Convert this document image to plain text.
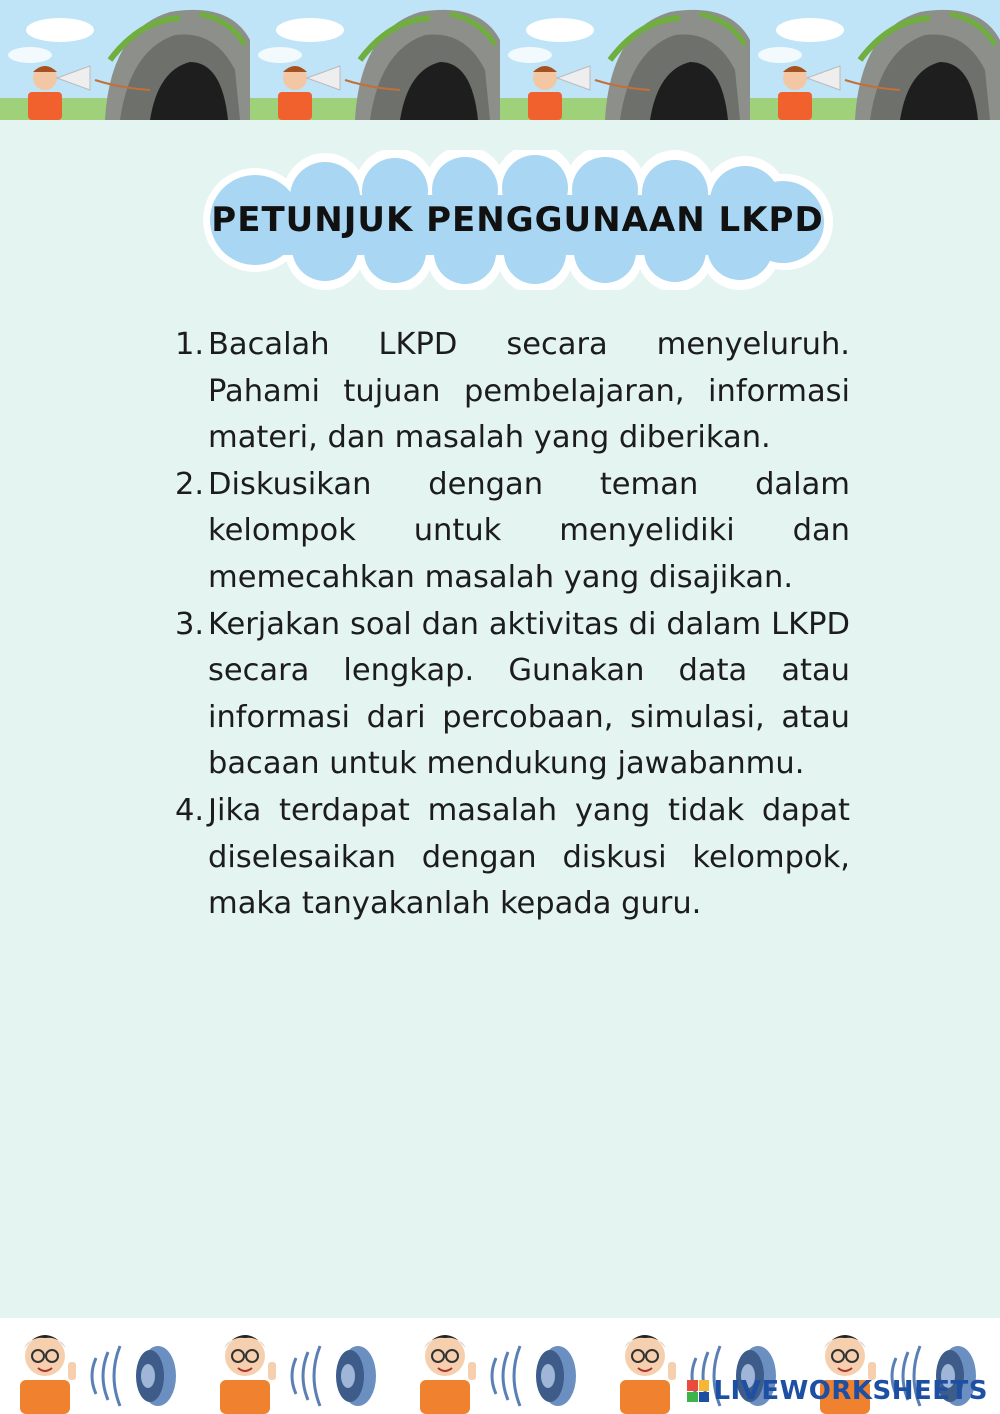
PETUNJUK PENGGUNAAN LKPD
1. Bacalah LKPD secara menyeluruh. Pahami tujuan pembelajaran, informasi materi, dan masalah yang diberikan.
2. Diskusikan dengan teman dalam kelompok untuk menyelidiki dan memecahkan masalah yang disajikan.
3. Kerjakan soal dan aktivitas di dalam LKPD secara lengkap. Gunakan data atau informasi dari percobaan, simulasi, atau bacaan untuk mendukung jawabanmu.
4. Jika terdapat masalah yang tidak dapat diselesaikan dengan diskusi kelompok, maka tanyakanlah kepada guru.
LIVEWORKSHEETS
